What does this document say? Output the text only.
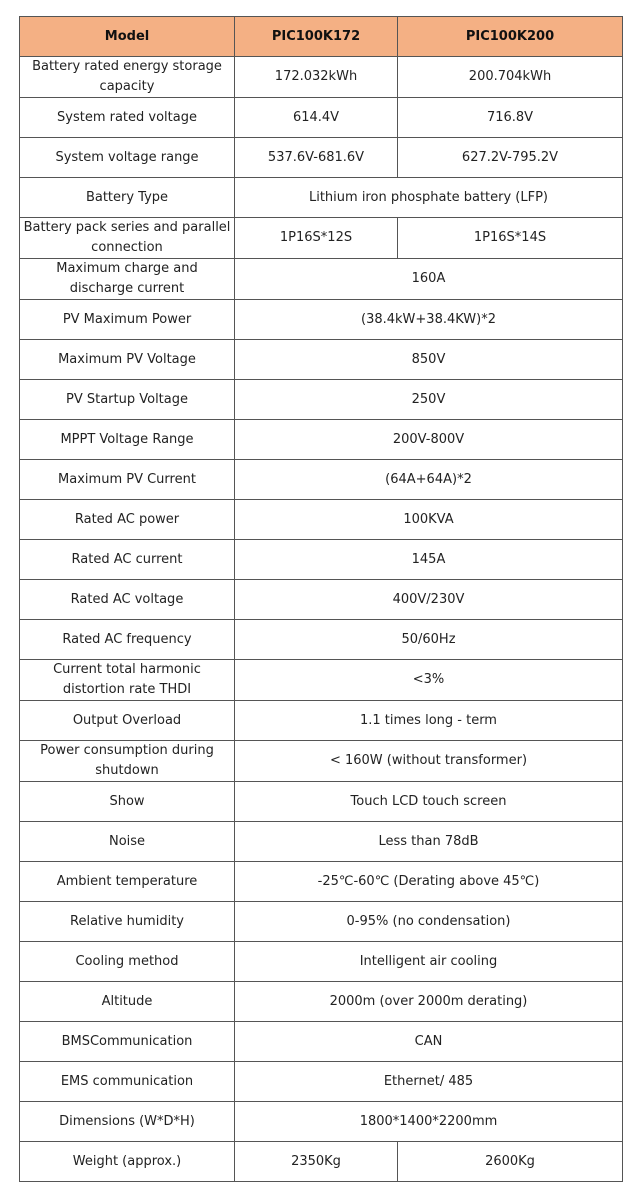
Model	PIC100K172	PIC100K200
Battery rated energy storage capacity	172.032kWh	200.704kWh
System rated voltage	614.4V	716.8V
System voltage range	537.6V-681.6V	627.2V-795.2V
Battery Type	Lithium iron phosphate battery (LFP)	
Battery pack series and parallel connection	1P16S*12S	1P16S*14S
Maximum charge and discharge current	160A	
PV Maximum Power	(38.4kW+38.4KW)*2	
Maximum PV Voltage	850V	
PV Startup Voltage	250V	
MPPT Voltage Range	200V-800V	
Maximum PV Current	(64A+64A)*2	
Rated AC power	100KVA	
Rated AC current	145A	
Rated AC voltage	400V/230V	
Rated AC frequency	50/60Hz	
Current total harmonic distortion rate THDI	<3%	
Output Overload	1.1 times long - term	
Power consumption during shutdown	< 160W (without transformer)	
Show	Touch LCD touch screen	
Noise	Less than 78dB	
Ambient temperature	-25℃-60℃ (Derating above 45℃)	
Relative humidity	0-95% (no condensation)	
Cooling method	Intelligent air cooling	
Altitude	2000m (over 2000m derating)	
BMSCommunication	CAN	
EMS communication	Ethernet/ 485	
Dimensions (W*D*H)	1800*1400*2200mm	
Weight (approx.)	2350Kg	2600Kg
